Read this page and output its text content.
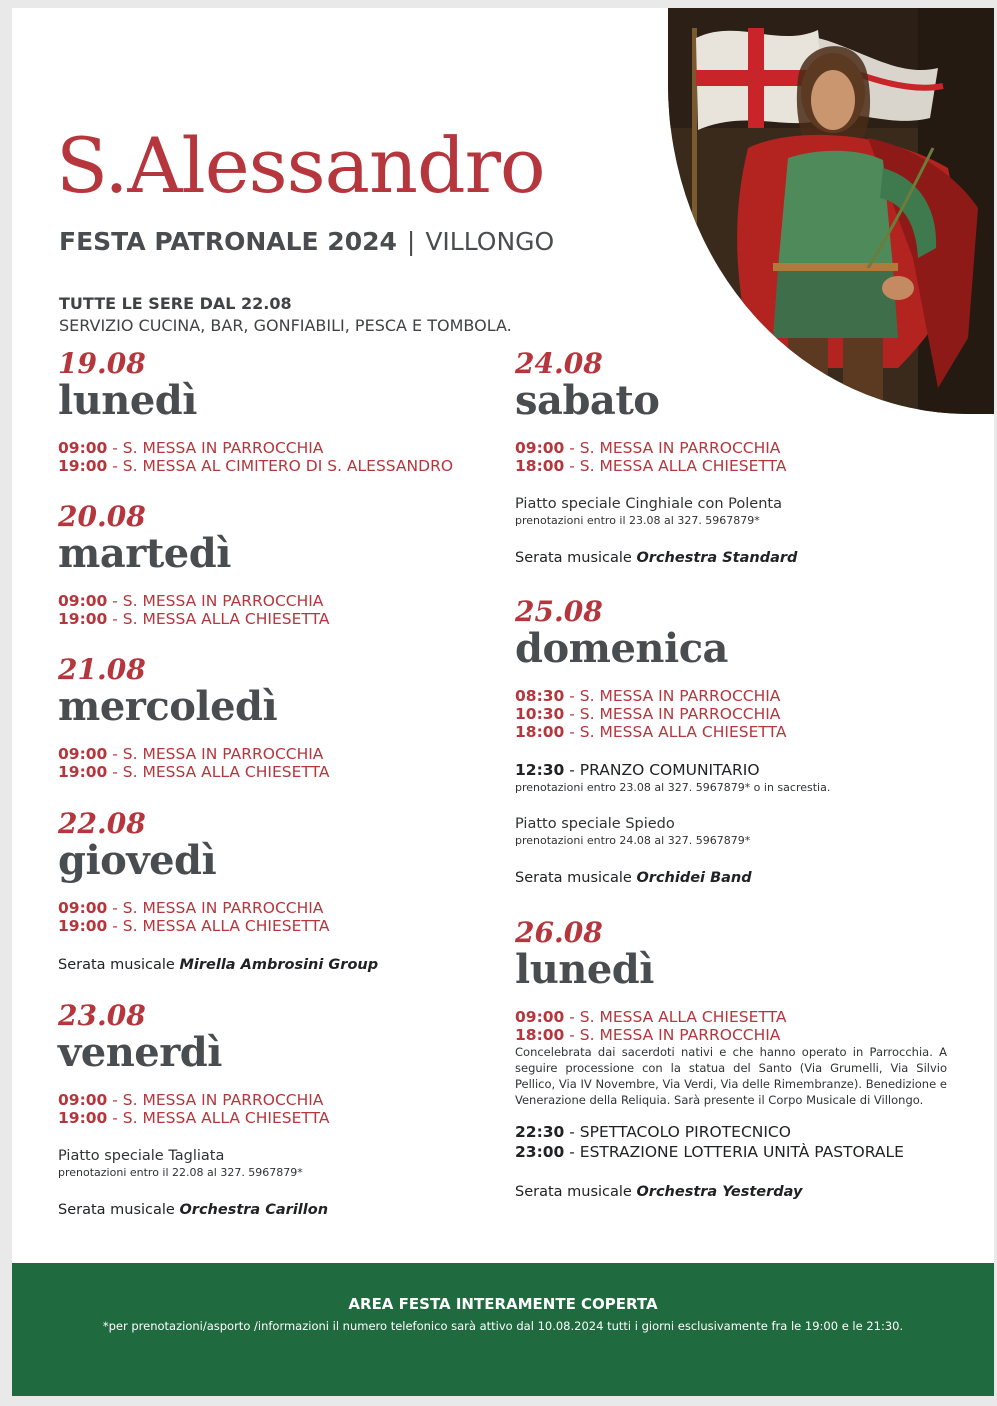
S.Alessandro
FESTA PATRONALE 2024 | VILLONGO
TUTTE LE SERE DAL 22.08
SERVIZIO CUCINA, BAR, GONFIABILI, PESCA E TOMBOLA.
19.08
lunedì
09:00 - S. MESSA IN PARROCCHIA
19:00 - S. MESSA AL CIMITERO DI S. ALESSANDRO
20.08
martedì
09:00 - S. MESSA IN PARROCCHIA
19:00 - S. MESSA ALLA CHIESETTA
21.08
mercoledì
09:00 - S. MESSA IN PARROCCHIA
19:00 - S. MESSA ALLA CHIESETTA
22.08
giovedì
09:00 - S. MESSA IN PARROCCHIA
19:00 - S. MESSA ALLA CHIESETTA
Serata musicale Mirella Ambrosini Group
23.08
venerdì
09:00 - S. MESSA IN PARROCCHIA
19:00 - S. MESSA ALLA CHIESETTA
Piatto speciale Tagliata
prenotazioni entro il 22.08 al 327. 5967879*
Serata musicale Orchestra Carillon
24.08
sabato
09:00 - S. MESSA IN PARROCCHIA
18:00 - S. MESSA ALLA CHIESETTA
Piatto speciale Cinghiale con Polenta
prenotazioni entro il 23.08 al 327. 5967879*
Serata musicale Orchestra Standard
25.08
domenica
08:30 - S. MESSA IN PARROCCHIA
10:30 - S. MESSA IN PARROCCHIA
18:00 - S. MESSA ALLA CHIESETTA
12:30 - PRANZO COMUNITARIO
prenotazioni entro 23.08 al 327. 5967879* o in sacrestia.
Piatto speciale Spiedo
prenotazioni entro 24.08 al 327. 5967879*
Serata musicale Orchidei Band
26.08
lunedì
09:00 - S. MESSA ALLA CHIESETTA
18:00 - S. MESSA IN PARROCCHIA
Concelebrata dai sacerdoti nativi e che hanno operato in Parrocchia. A seguire processione con la statua del Santo (Via Grumelli, Via Silvio Pellico, Via IV Novembre, Via Verdi, Via delle Rimembranze). Benedizione e Venerazione della Reliquia. Sarà presente il Corpo Musicale di Villongo.
22:30 - SPETTACOLO PIROTECNICO
23:00 - ESTRAZIONE LOTTERIA UNITÀ PASTORALE
Serata musicale Orchestra Yesterday
AREA FESTA INTERAMENTE COPERTA
*per prenotazioni/asporto /informazioni il numero telefonico sarà attivo dal 10.08.2024 tutti i giorni esclusivamente fra le 19:00 e le 21:30.
